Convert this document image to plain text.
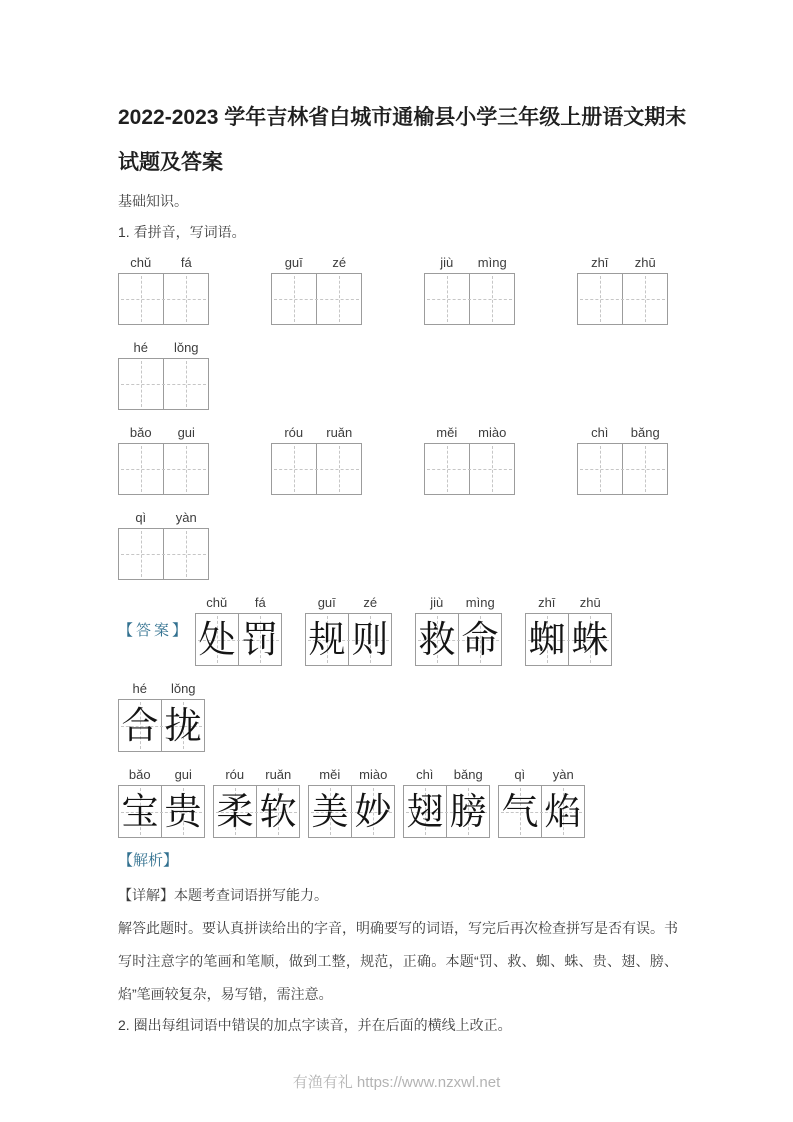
2022-2023 学年吉林省白城市通榆县小学三年级上册语文期末试题及答案

基础知识。

1. 看拼音，写词语。

chǔ	fá	guī	zé	jiù	mìng	zhī	zhū
hé	lǒng
bǎo	gui	róu	ruǎn	měi	miào	chì	bǎng
qì	yàn
【答案】
chǔ	fá
处 罚
guī	zé
规 则
jiù	mìng
救 命
zhī	zhū
蜘 蛛
hé	lǒng
合 拢
bǎo	gui
宝 贵
róu	ruǎn
柔 软
měi	miào
美 妙
chì	bǎng
翅 膀
qì	yàn
气 焰

【解析】

【详解】本题考查词语拼写能力。

解答此题时。要认真拼读给出的字音，明确要写的词语，写完后再次检查拼写是否有误。书写时注意字的笔画和笔顺，做到工整，规范，正确。本题“罚、救、蜘、蛛、贵、翅、膀、焰”笔画较复杂，易写错，需注意。

2. 圈出每组词语中错误的加点字读音，并在后面的横线上改正。

有渔有礼 https://www.nzxwl.net
